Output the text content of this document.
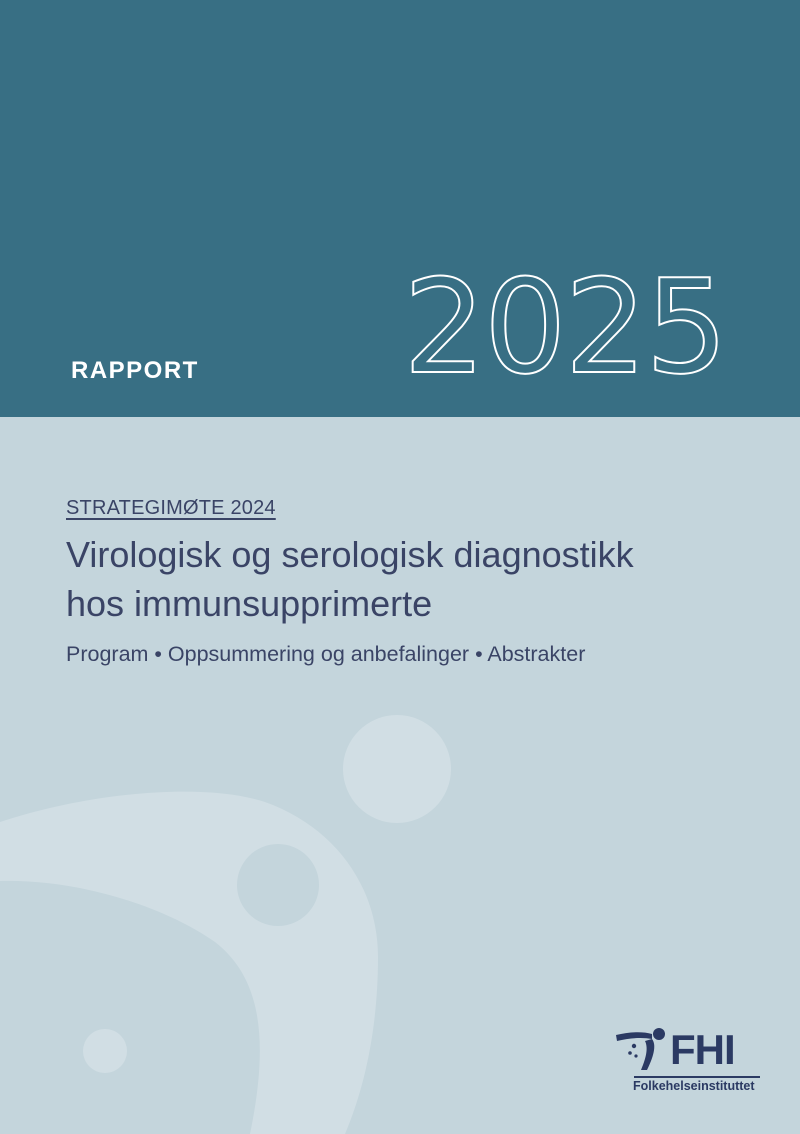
RAPPORT 2025
STRATEGIMØTE 2024
Virologisk og serologisk diagnostikk
hos immunsupprimerte
Program • Oppsummering og anbefalinger • Abstrakter
FHI
Folkehelseinstituttet
